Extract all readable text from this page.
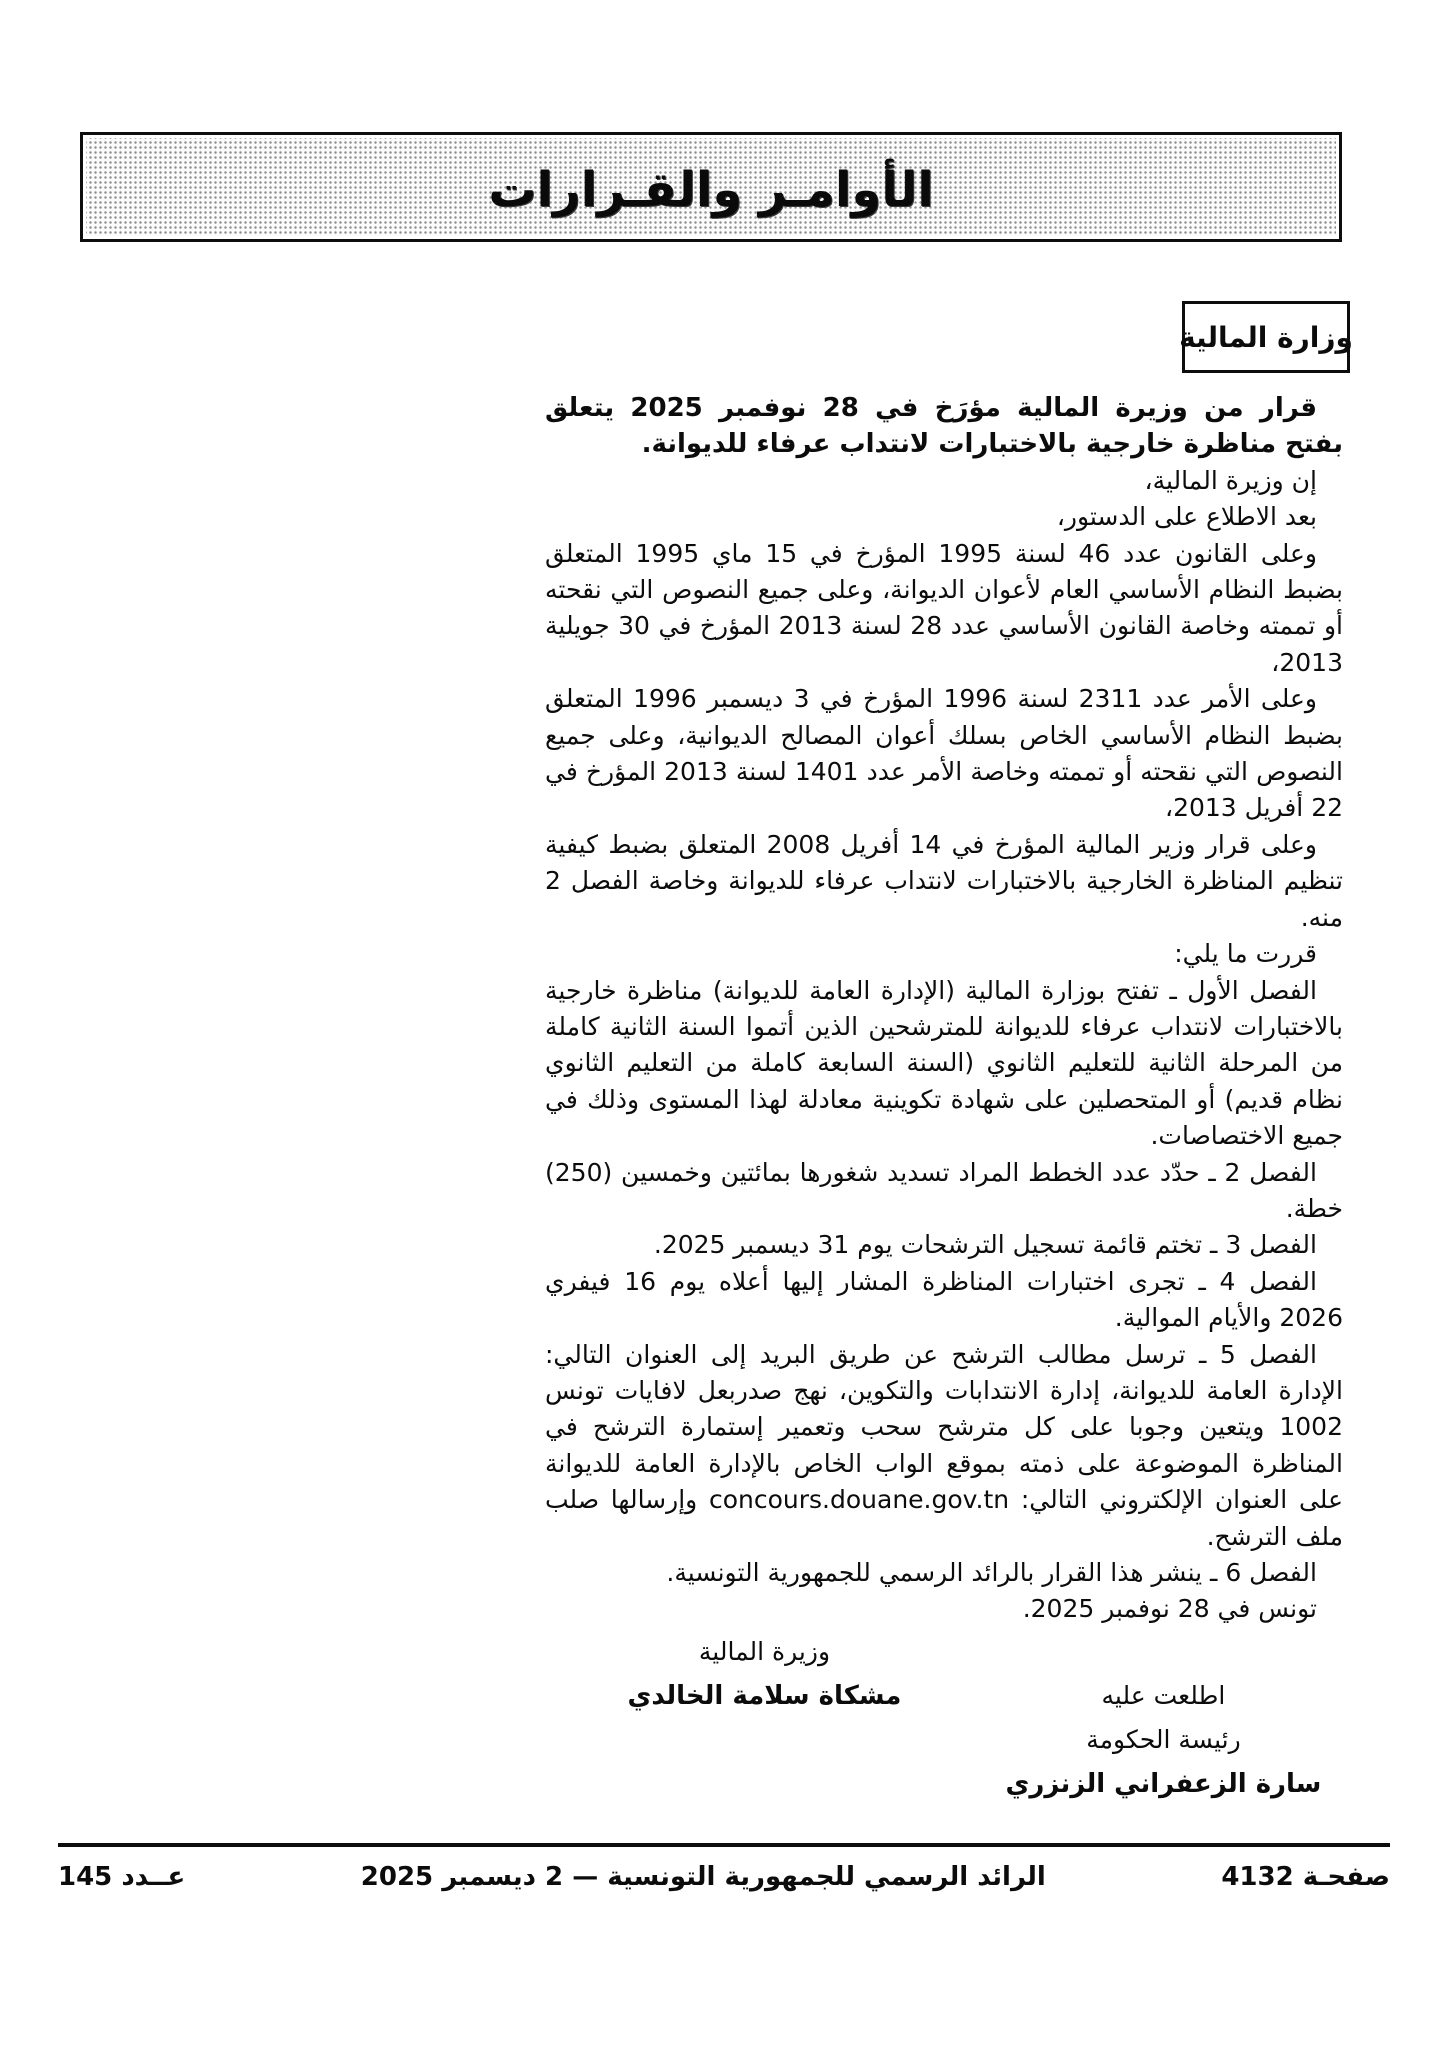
الأوامـر والقـرارات
وزارة المالية

قرار من وزيرة المالية مؤرَخ في 28 نوفمبر 2025 يتعلق بفتح مناظرة خارجية بالاختبارات لانتداب عرفاء للديوانة.

إن وزيرة المالية،

بعد الاطلاع على الدستور،

وعلى القانون عدد 46 لسنة 1995 المؤرخ في 15 ماي 1995 المتعلق بضبط النظام الأساسي العام لأعوان الديوانة، وعلى جميع النصوص التي نقحته أو تممته وخاصة القانون الأساسي عدد 28 لسنة 2013 المؤرخ في 30 جويلية 2013،

وعلى الأمر عدد 2311 لسنة 1996 المؤرخ في 3 ديسمبر 1996 المتعلق بضبط النظام الأساسي الخاص بسلك أعوان المصالح الديوانية، وعلى جميع النصوص التي نقحته أو تممته وخاصة الأمر عدد 1401 لسنة 2013 المؤرخ في 22 أفريل 2013،

وعلى قرار وزير المالية المؤرخ في 14 أفريل 2008 المتعلق بضبط كيفية تنظيم المناظرة الخارجية بالاختبارات لانتداب عرفاء للديوانة وخاصة الفصل 2 منه.

قررت ما يلي:

الفصل الأول ـ تفتح بوزارة المالية (الإدارة العامة للديوانة) مناظرة خارجية بالاختبارات لانتداب عرفاء للديوانة للمترشحين الذين أتموا السنة الثانية كاملة من المرحلة الثانية للتعليم الثانوي (السنة السابعة كاملة من التعليم الثانوي نظام قديم) أو المتحصلين على شهادة تكوينية معادلة لهذا المستوى وذلك في جميع الاختصاصات.

الفصل 2 ـ حدّد عدد الخطط المراد تسديد شغورها بمائتين وخمسين (250) خطة.

الفصل 3 ـ تختم قائمة تسجيل الترشحات يوم 31 ديسمبر 2025.

الفصل 4 ـ تجرى اختبارات المناظرة المشار إليها أعلاه يوم 16 فيفري 2026 والأيام الموالية.

الفصل 5 ـ ترسل مطالب الترشح عن طريق البريد إلى العنوان التالي: الإدارة العامة للديوانة، إدارة الانتدابات والتكوين، نهج صدربعل لافايات تونس 1002 ويتعين وجوبا على كل مترشح سحب وتعمير إستمارة الترشح في المناظرة الموضوعة على ذمته بموقع الواب الخاص بالإدارة العامة للديوانة على العنوان الإلكتروني التالي: concours.douane.gov.tn وإرسالها صلب ملف الترشح.

الفصل 6 ـ ينشر هذا القرار بالرائد الرسمي للجمهورية التونسية.

تونس في 28 نوفمبر 2025.

اطلعت عليه
رئيسة الحكومة
سارة الزعفراني الزنزري
وزيرة المالية
مشكاة سلامة الخالدي
صفحـة 4132
الرائد الرسمي للجمهورية التونسية — 2 ديسمبر 2025
عــدد 145
